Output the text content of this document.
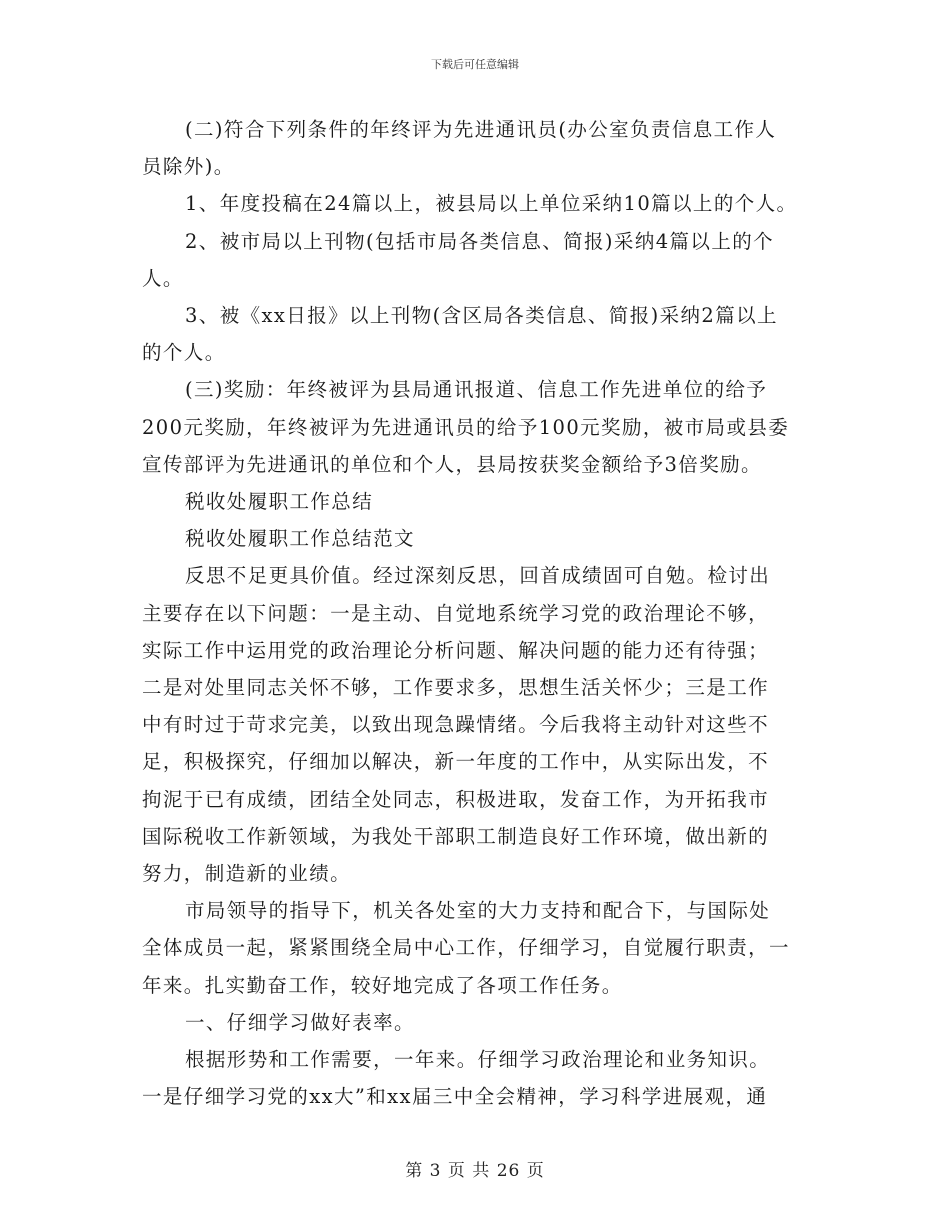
下载后可任意编辑

(二)符合下列条件的年终评为先进通讯员(办公室负责信息工作人

员除外)。

1、年度投稿在24篇以上，被县局以上单位采纳10篇以上的个人。

2、被市局以上刊物(包括市局各类信息、简报)采纳4篇以上的个

人。

3、被《xx日报》以上刊物(含区局各类信息、简报)采纳2篇以上

的个人。

(三)奖励：年终被评为县局通讯报道、信息工作先进单位的给予

200元奖励，年终被评为先进通讯员的给予100元奖励，被市局或县委

宣传部评为先进通讯的单位和个人，县局按获奖金额给予3倍奖励。

税收处履职工作总结

税收处履职工作总结范文

反思不足更具价值。经过深刻反思，回首成绩固可自勉。检讨出

主要存在以下问题：一是主动、自觉地系统学习党的政治理论不够，

实际工作中运用党的政治理论分析问题、解决问题的能力还有待强；

二是对处里同志关怀不够，工作要求多，思想生活关怀少；三是工作

中有时过于苛求完美，以致出现急躁情绪。今后我将主动针对这些不

足，积极探究，仔细加以解决，新一年度的工作中，从实际出发，不

拘泥于已有成绩，团结全处同志，积极进取，发奋工作，为开拓我市

国际税收工作新领域，为我处干部职工制造良好工作环境，做出新的

努力，制造新的业绩。

市局领导的指导下，机关各处室的大力支持和配合下，与国际处

全体成员一起，紧紧围绕全局中心工作，仔细学习，自觉履行职责，一

年来。扎实勤奋工作，较好地完成了各项工作任务。

一、仔细学习做好表率。

根据形势和工作需要，一年来。仔细学习政治理论和业务知识。

一是仔细学习党的xx大”和xx届三中全会精神，学习科学进展观，通

第 3 页 共 26 页
